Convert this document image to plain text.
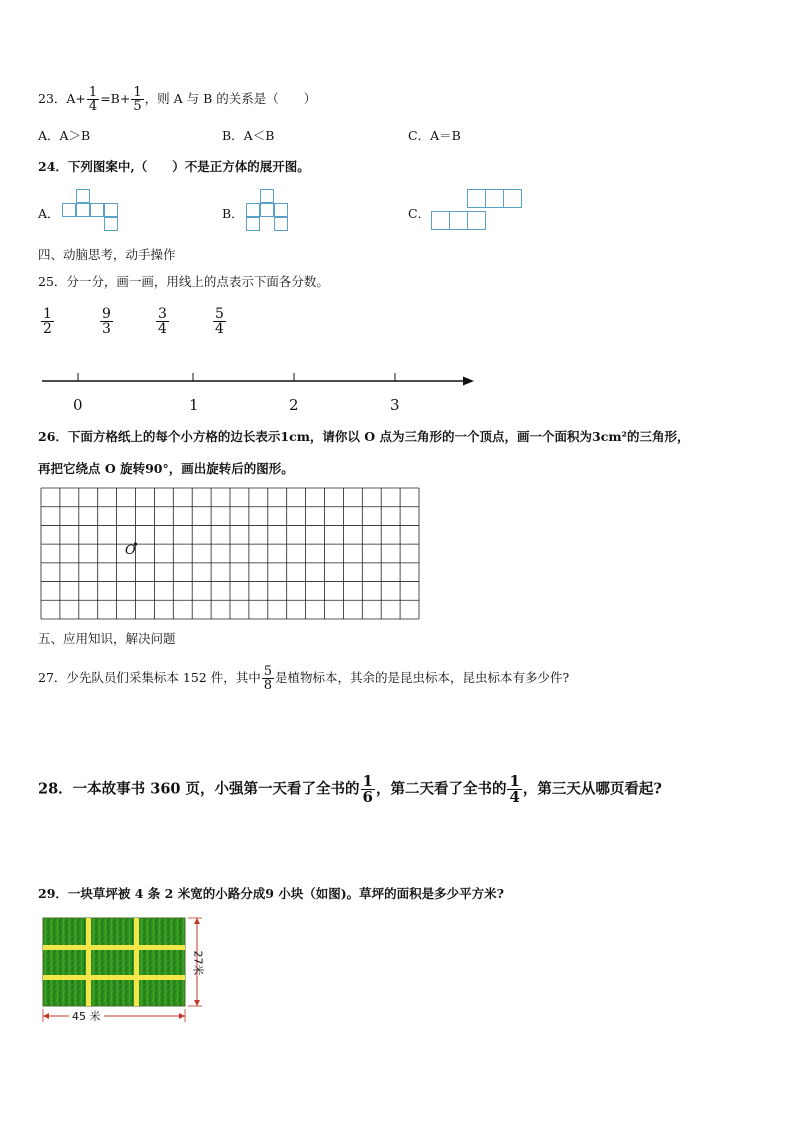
23．$A+ \frac{1}{4} =B+ \frac{1}{5}$ ，则 A 与 B 的关系是（　　）
A．A＞B	B．A＜B	C．A＝B
24．下列图案中,（　　）不是正方体的展开图。
A．	B．	C．
四、动脑思考，动手操作
25．分一分，画一画，用线上的点表示下面各分数。
$\frac{1}{2}$	$\frac{9}{3}$	$\frac{3}{4}$	$\frac{5}{4}$
0	1	2	3
26．下面方格纸上的每个小方格的边长表示1cm，请你以 O 点为三角形的一个顶点，画一个面积为3cm²的三角形，
再把它绕点 O 旋转90°，画出旋转后的图形。
O
五、应用知识，解决问题
27．少先队员们采集标本 152 件，其中 $\frac{5}{8}$ 是植物标本，其余的是昆虫标本，昆虫标本有多少件?
28．一本故事书 360 页，小强第一天看了全书的 $\frac{1}{6}$ ，第二天看了全书的 $\frac{1}{4}$ ，第三天从哪页看起?
29．一块草坪被 4 条 2 米宽的小路分成9 小块（如图)。草坪的面积是多少平方米?
27米
45 米
